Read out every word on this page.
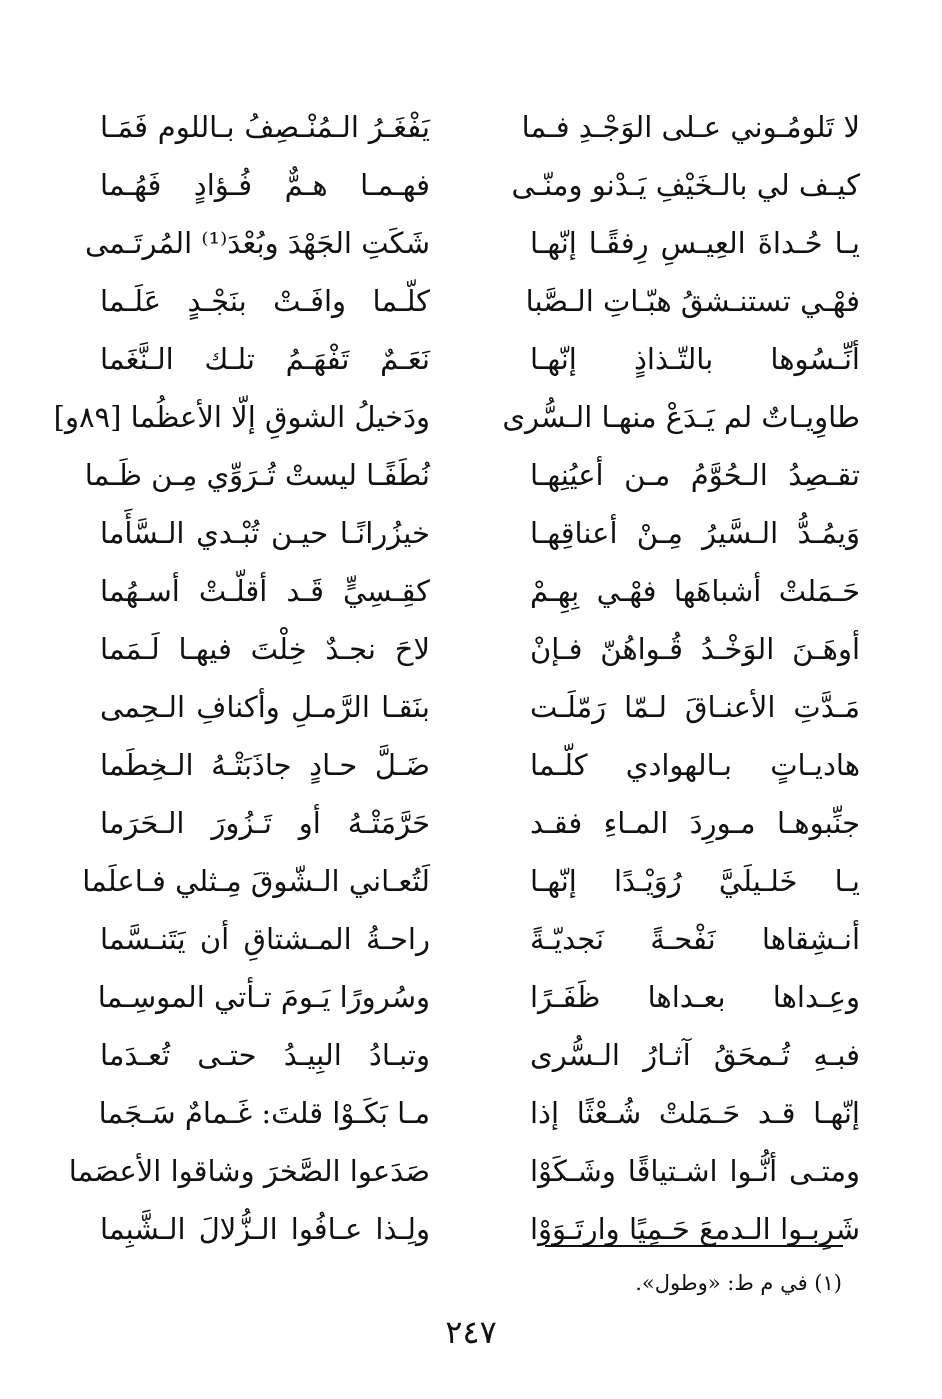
لا تَلومُـوني عـلى الوَجْـدِ فـما
يَفْغَـرُ الـمُنْـصِفُ بـاللوم فَمَـا
كيـف لي بالـخَيْفِ يَـدْنو ومنّـى
فهـمـا هـمٌّ فُـؤادٍ فَهُـما
يـا حُـداةَ العِيـسِ رِفقًـا إنّهـا
شَكَتِ الجَهْدَ وبُعْدَ⁽¹⁾ المُرتَـمى
فهْـي تستنـشقُ هبّـاتِ الـصَّبا
كلّـما وافَـتْ بنَجْـدٍ عَلَـما
أنِّـسُوها بالتّـذاذٍ إنّهـا
نَعَـمٌ تَفْهَـمُ تلـك الـنَّغَما
طاوِيـاتٌ لم يَـدَعْ منهـا الـسُّرى
ودَخيلُ الشوقِ إلّا الأعظُما [٨٩و]
تقـصِدُ الـحُوَّمُ مـن أعيُنِهـا
نُطَفًـا ليستْ تُـرَوِّي مِـن ظَـما
وَيمُـدُّ الـسَّيرُ مِـنْ أعناقِهـا
خيزُرانًـا حيـن تُبْـدي الـسَّأَما
حَـمَلتْ أشباهَها فهْـي بِهِـمْ
كقِـسِيٍّ قَـد أقلّـتْ أسـهُما
أوهَـنَ الوَخْـدُ قُـواهُنّ فـإنْ
لاحَ نجـدٌ خِلْتَ فيهـا لَـمَما
مَـدَّتِ الأعنـاقَ لـمّا رَمّلَـت
بنَقـا الرَّمـلِ وأكنافِ الـحِمى
هاديـاتٍ بـالهوادي كلّـما
ضَـلَّ حـادٍ جاذَبَتْـهُ الـخِطَما
جنِّبوهـا مـورِدَ المـاءِ فقـد
حَرَّمَتْـهُ أو تَـزُورَ الـحَرَما
يـا خَلـيلَيَّ رُوَيْـدًا إنّهـا
لَتُعـاني الـشّوقَ مِـثلي فـاعلَما
أنـشِقاها نَفْحـةً نَجديّـةً
راحـةُ المـشتاقِ أن يَتَنـسَّما
وعِـداها بعـداها ظَفَـرًا
وسُرورًا يَـومَ تـأتي الموسِـما
فبـهِ تُـمحَقُ آثـارُ الـسُّرى
وتبـادُ البِيـدُ حتـى تُعـدَما
إنّهـا قـد حَـمَلتْ شُـعْثًا إذا
مـا بَكَـوْا قلتَ: غَـمامٌ سَـجَما
ومتـى أنُّـوا اشـتياقًا وشَـكَوْا
صَدَعوا الصَّخرَ وشاقوا الأعصَما
شَرِبـوا الـدمعَ حَـمِيًا وارتَـوَوْا
ولِـذا عـافُوا الـزُّلالَ الـشَّبِما
(١) في م ط: «وطول».
٢٤٧
